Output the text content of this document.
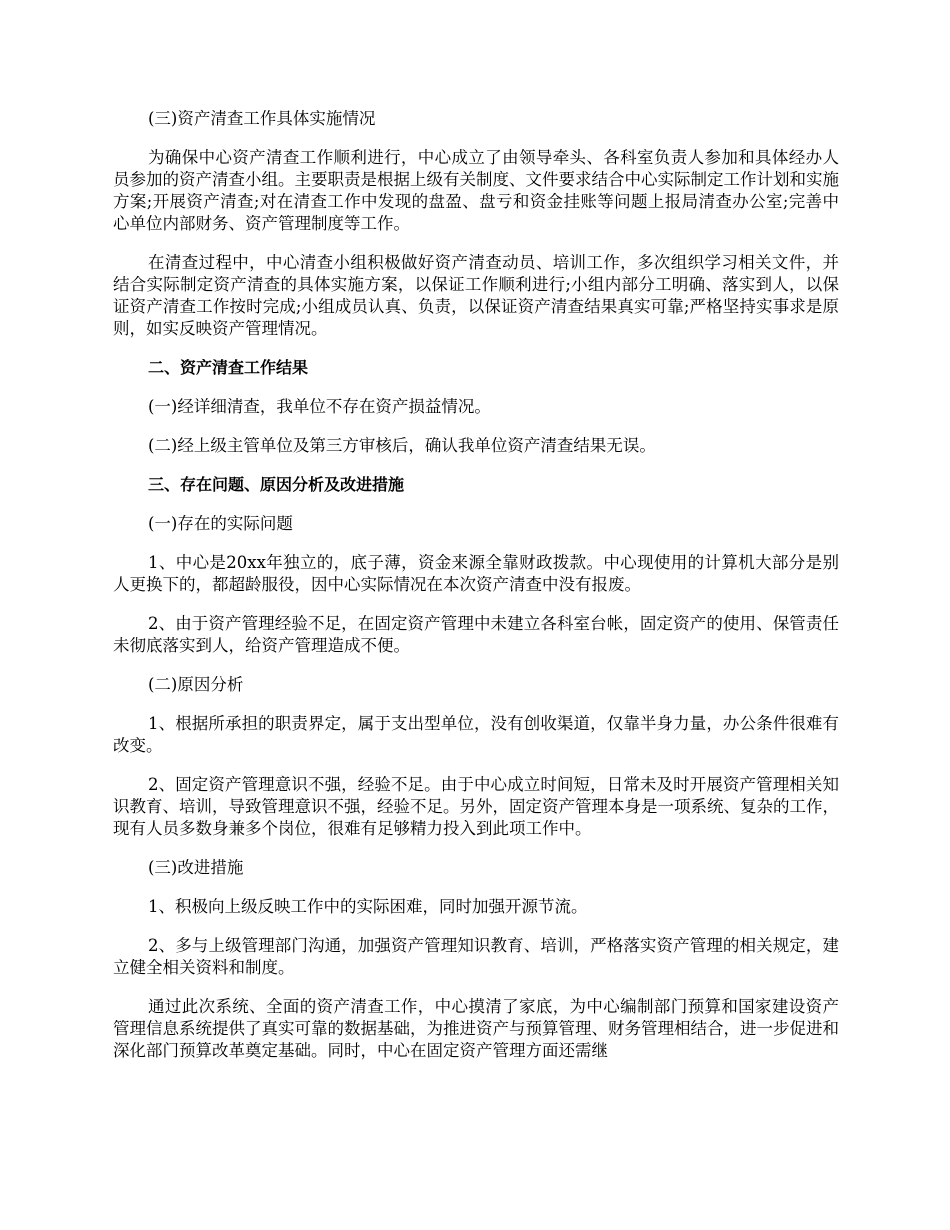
(三)资产清查工作具体实施情况

为确保中心资产清查工作顺利进行，中心成立了由领导牵头、各科室负责人参加和具体经办人员参加的资产清查小组。主要职责是根据上级有关制度、文件要求结合中心实际制定工作计划和实施方案;开展资产清查;对在清查工作中发现的盘盈、盘亏和资金挂账等问题上报局清查办公室;完善中心单位内部财务、资产管理制度等工作。

在清查过程中，中心清查小组积极做好资产清查动员、培训工作，多次组织学习相关文件，并结合实际制定资产清查的具体实施方案，以保证工作顺利进行;小组内部分工明确、落实到人，以保证资产清查工作按时完成;小组成员认真、负责，以保证资产清查结果真实可靠;严格坚持实事求是原则，如实反映资产管理情况。

二、资产清查工作结果

(一)经详细清查，我单位不存在资产损益情况。

(二)经上级主管单位及第三方审核后，确认我单位资产清查结果无误。

三、存在问题、原因分析及改进措施

(一)存在的实际问题

1、中心是20xx年独立的，底子薄，资金来源全靠财政拨款。中心现使用的计算机大部分是别人更换下的，都超龄服役，因中心实际情况在本次资产清查中没有报废。

2、由于资产管理经验不足，在固定资产管理中未建立各科室台帐，固定资产的使用、保管责任未彻底落实到人，给资产管理造成不便。

(二)原因分析

1、根据所承担的职责界定，属于支出型单位，没有创收渠道，仅靠半身力量，办公条件很难有改变。

2、固定资产管理意识不强，经验不足。由于中心成立时间短，日常未及时开展资产管理相关知识教育、培训，导致管理意识不强，经验不足。另外，固定资产管理本身是一项系统、复杂的工作，现有人员多数身兼多个岗位，很难有足够精力投入到此项工作中。

(三)改进措施

1、积极向上级反映工作中的实际困难，同时加强开源节流。

2、多与上级管理部门沟通，加强资产管理知识教育、培训，严格落实资产管理的相关规定，建立健全相关资料和制度。

通过此次系统、全面的资产清查工作，中心摸清了家底，为中心编制部门预算和国家建设资产管理信息系统提供了真实可靠的数据基础，为推进资产与预算管理、财务管理相结合，进一步促进和深化部门预算改革奠定基础。同时，中心在固定资产管理方面还需继
